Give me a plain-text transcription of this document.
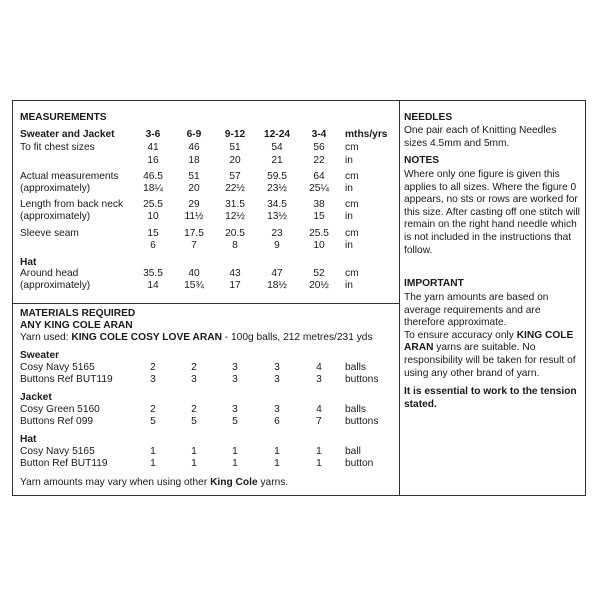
MEASUREMENTS
Sweater and Jacket	3-6	6-9	9-12	12-24	3-4	mths/yrs
To fit chest sizes	41	46	51	54	56	cm
16	18	20	21	22	in
Actual measurements	46.5	51	57	59.5	64	cm
(approximately)	18¼	20	22½	23½	25¼	in
Length from back neck	25.5	29	31.5	34.5	38	cm
(approximately)	10	11½	12½	13½	15	in
Sleeve seam	15	17.5	20.5	23	25.5	cm
6	7	8	9	10	in
Hat
Around head	35.5	40	43	47	52	cm
(approximately)	14	15¾	17	18½	20½	in
MATERIALS REQUIRED
ANY KING COLE ARAN
Yarn used: KING COLE COSY LOVE ARAN - 100g balls, 212 metres/231 yds
Sweater
Cosy Navy 5165	2	2	3	3	4	balls
Buttons Ref BUT119	3	3	3	3	3	buttons
Jacket
Cosy Green 5160	2	2	3	3	4	balls
Buttons Ref 099	5	5	5	6	7	buttons
Hat
Cosy Navy 5165	1	1	1	1	1	ball
Button Ref BUT119	1	1	1	1	1	button
Yarn amounts may vary when using other King Cole yarns.
NEEDLES
One pair each of Knitting Needles sizes 4.5mm and 5mm.
NOTES
Where only one figure is given this applies to all sizes. Where the figure 0 appears, no sts or rows are worked for this size. After casting off one stitch will remain on the right hand needle which is not included in the instructions that follow.
IMPORTANT
The yarn amounts are based on average requirements and are therefore approximate.
To ensure accuracy only KING COLE ARAN yarns are suitable. No responsibility will be taken for result of using any other brand of yarn.
It is essential to work to the tension stated.
